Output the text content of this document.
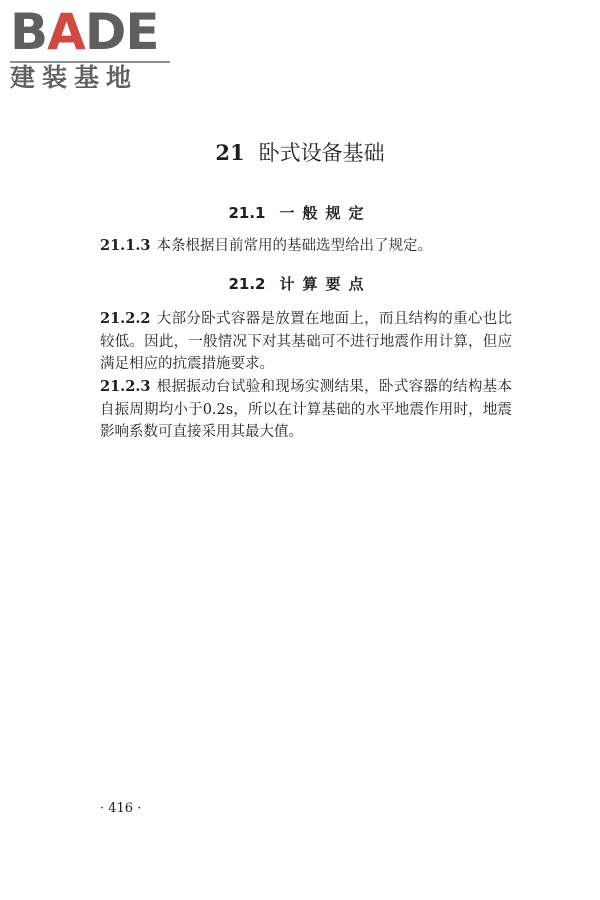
BADE
建装基地
21 卧式设备基础
21.1 一般规定
21.1.3 本条根据目前常用的基础选型给出了规定。
21.2 计算要点
21.2.2 大部分卧式容器是放置在地面上，而且结构的重心也比较低。因此，一般情况下对其基础可不进行地震作用计算，但应满足相应的抗震措施要求。
21.2.3 根据振动台试验和现场实测结果，卧式容器的结构基本自振周期均小于0.2s，所以在计算基础的水平地震作用时，地震影响系数可直接采用其最大值。
· 416 ·
